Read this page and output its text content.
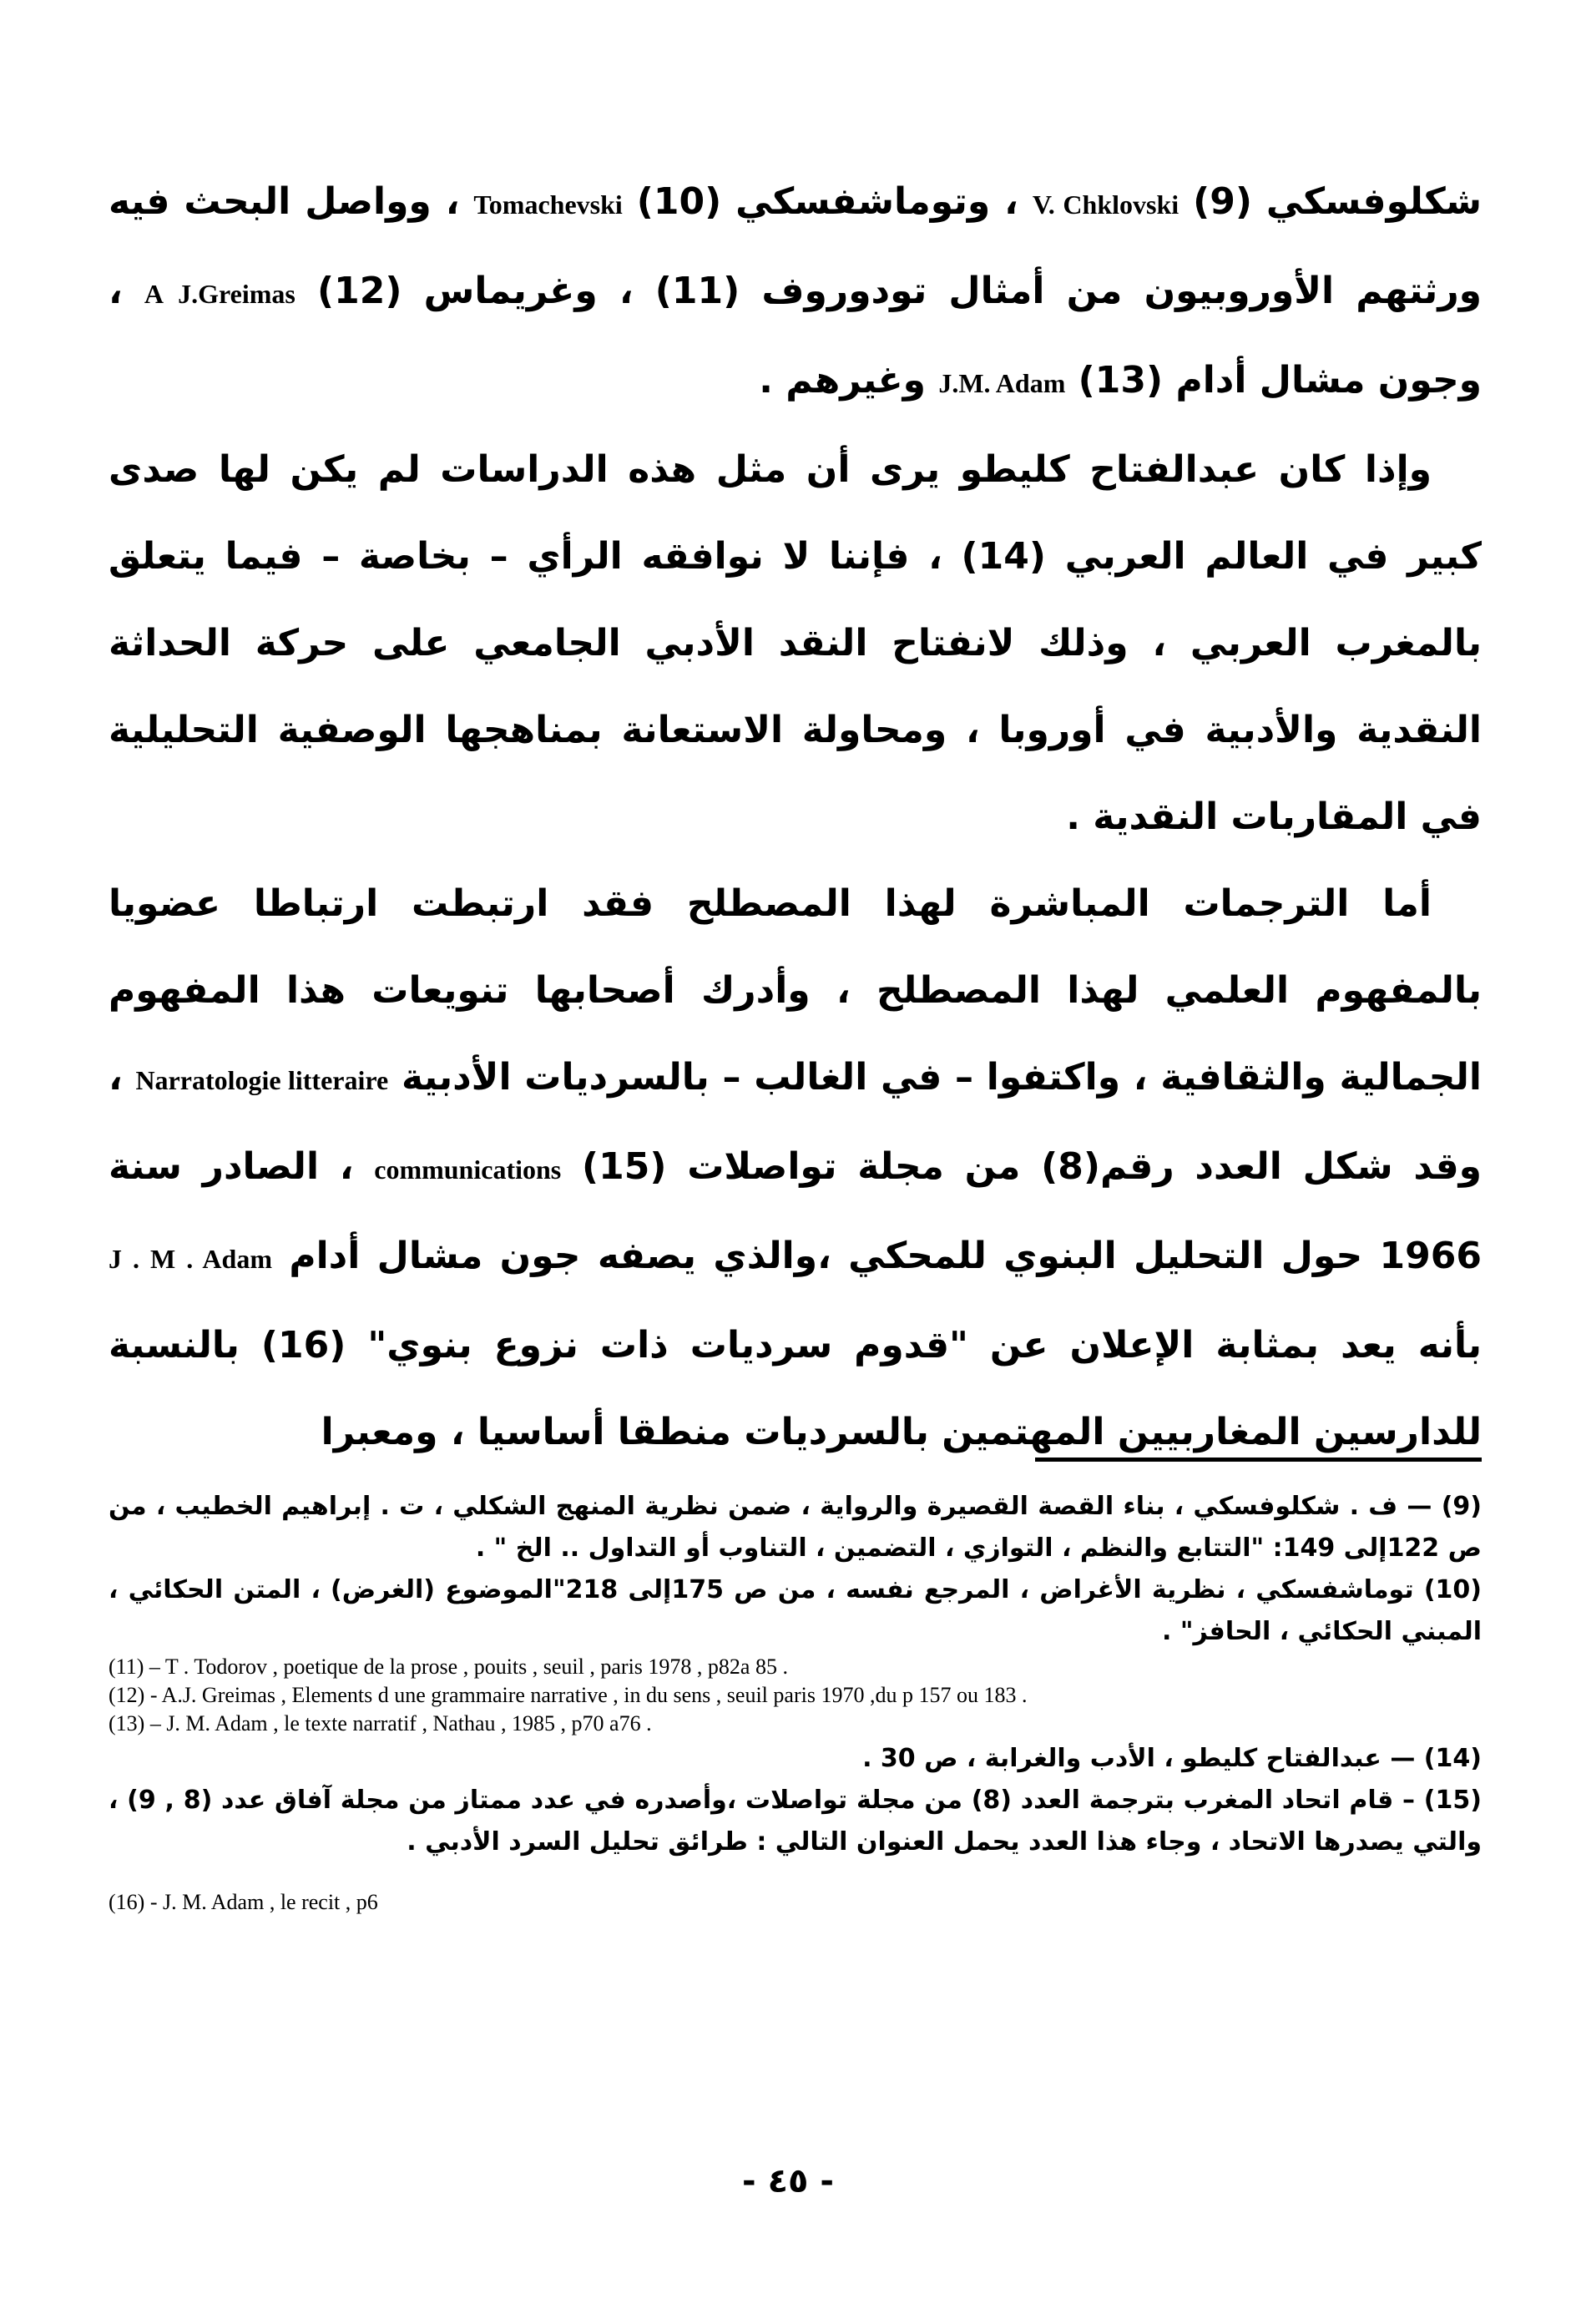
شكلوفسكي V. Chklovski (9) ، وتوماشفسكي Tomachevski (10) ، وواصل البحث فيه ورثتهم الأوروبيون من أمثال تودوروف (11) ، وغريماس A J.Greimas (12) ، وجون مشال أدام J.M. Adam (13) وغيرهم .

وإذا كان عبدالفتاح كليطو يرى أن مثل هذه الدراسات لم يكن لها صدى كبير في العالم العربي (14) ، فإننا لا نوافقه الرأي – بخاصة – فيما يتعلق بالمغرب العربي ، وذلك لانفتاح النقد الأدبي الجامعي على حركة الحداثة النقدية والأدبية في أوروبا ، ومحاولة الاستعانة بمناهجها الوصفية التحليلية في المقاربات النقدية .

أما الترجمات المباشرة لهذا المصطلح فقد ارتبطت ارتباطا عضويا بالمفهوم العلمي لهذا المصطلح ، وأدرك أصحابها تنويعات هذا المفهوم الجمالية والثقافية ، واكتفوا – في الغالب – بالسرديات الأدبية Narratologie litteraire ، وقد شكل العدد رقم(8) من مجلة تواصلات communications (15) ، الصادر سنة 1966 حول التحليل البنوي للمحكي ،والذي يصفه جون مشال أدام J . M . Adam بأنه يعد بمثابة الإعلان عن "قدوم سرديات ذات نزوع بنوي" (16) بالنسبة للدارسين المغاربيين المهتمين بالسرديات منطقا أساسيا ، ومعبرا

(9) — ف . شكلوفسكي ، بناء القصة القصيرة والرواية ، ضمن نظرية المنهج الشكلي ، ت . إبراهيم الخطيب ، من ص 122إلى 149: "التتابع والنظم ، التوازي ، التضمين ، التناوب أو التداول .. الخ " .

(10) توماشفسكي ، نظرية الأغراض ، المرجع نفسه ، من ص 175إلى 218"الموضوع (الغرض) ، المتن الحكائي ، المبني الحكائي ، الحافز" .

(11) – T . Todorov , poetique de la prose , pouits , seuil , paris 1978 , p82a 85 .

(12) - A.J. Greimas , Elements d une grammaire narrative , in du sens , seuil paris 1970 ,du p 157 ou 183 .

(13) – J. M. Adam , le texte narratif , Nathau , 1985 , p70 a76 .

(14) — عبدالفتاح كليطو ، الأدب والغرابة ، ص 30 .

(15) – قام اتحاد المغرب بترجمة العدد (8) من مجلة تواصلات ،وأصدره في عدد ممتاز من مجلة آفاق عدد (8 , 9) ، والتي يصدرها الاتحاد ، وجاء هذا العدد يحمل العنوان التالي : طرائق تحليل السرد الأدبي .

(16) - J. M. Adam , le recit , p6

- ٤٥ -
